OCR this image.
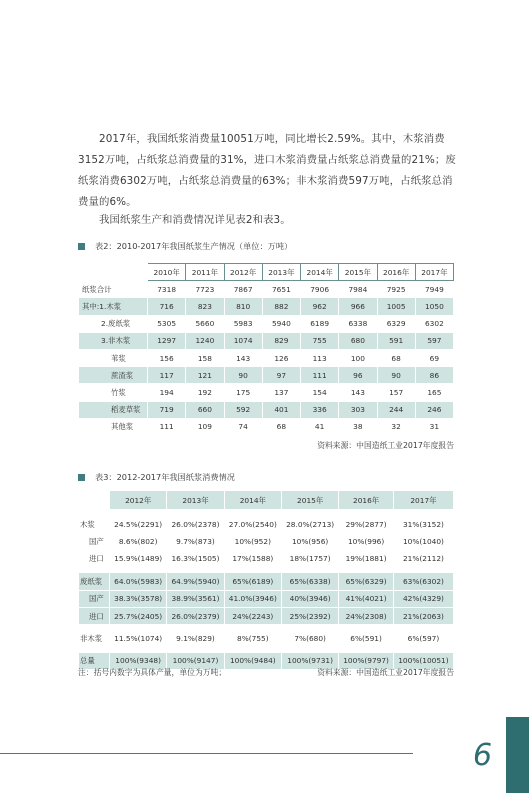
2017年，我国纸浆消费量10051万吨，同比增长2.59%。其中，木浆消费3152万吨，占纸浆总消费量的31%，进口木浆消费量占纸浆总消费量的21%；废纸浆消费6302万吨，占纸浆总消费量的63%；非木浆消费597万吨，占纸浆总消费量的6%。
我国纸浆生产和消费情况详见表2和表3。
表2：2010-2017年我国纸浆生产情况（单位：万吨）
	2010年	2011年	2012年	2013年	2014年	2015年	2016年	2017年
纸浆合计	7318	7723	7867	7651	7906	7984	7925	7949
其中:1.木浆	716	823	810	882	962	966	1005	1050
2.废纸浆	5305	5660	5983	5940	6189	6338	6329	6302
3.非木浆	1297	1240	1074	829	755	680	591	597
苇浆	156	158	143	126	113	100	68	69
蔗渣浆	117	121	90	97	111	96	90	86
竹浆	194	192	175	137	154	143	157	165
稻麦草浆	719	660	592	401	336	303	244	246
其他浆	111	109	74	68	41	38	32	31
资料来源：中国造纸工业2017年度报告
表3：2012-2017年我国纸浆消费情况
	2012年	2013年	2014年	2015年	2016年	2017年

木浆	24.5%(2291)	26.0%(2378)	27.0%(2540)	28.0%(2713)	29%(2877)	31%(3152)
国产	8.6%(802)	9.7%(873)	10%(952)	10%(956)	10%(996)	10%(1040)
进口	15.9%(1489)	16.3%(1505)	17%(1588)	18%(1757)	19%(1881)	21%(2112)

废纸浆	64.0%(5983)	64.9%(5940)	65%(6189)	65%(6338)	65%(6329)	63%(6302)
国产	38.3%(3578)	38.9%(3561)	41.0%(3946)	40%(3946)	41%(4021)	42%(4329)
进口	25.7%(2405)	26.0%(2379)	24%(2243)	25%(2392)	24%(2308)	21%(2063)

非木浆	11.5%(1074)	9.1%(829)	8%(755)	7%(680)	6%(591)	6%(597)

总量	100%(9348)	100%(9147)	100%(9484)	100%(9731)	100%(9797)	100%(10051)
注：括号内数字为具体产量，单位为万吨；	资料来源：中国造纸工业2017年度报告
6
